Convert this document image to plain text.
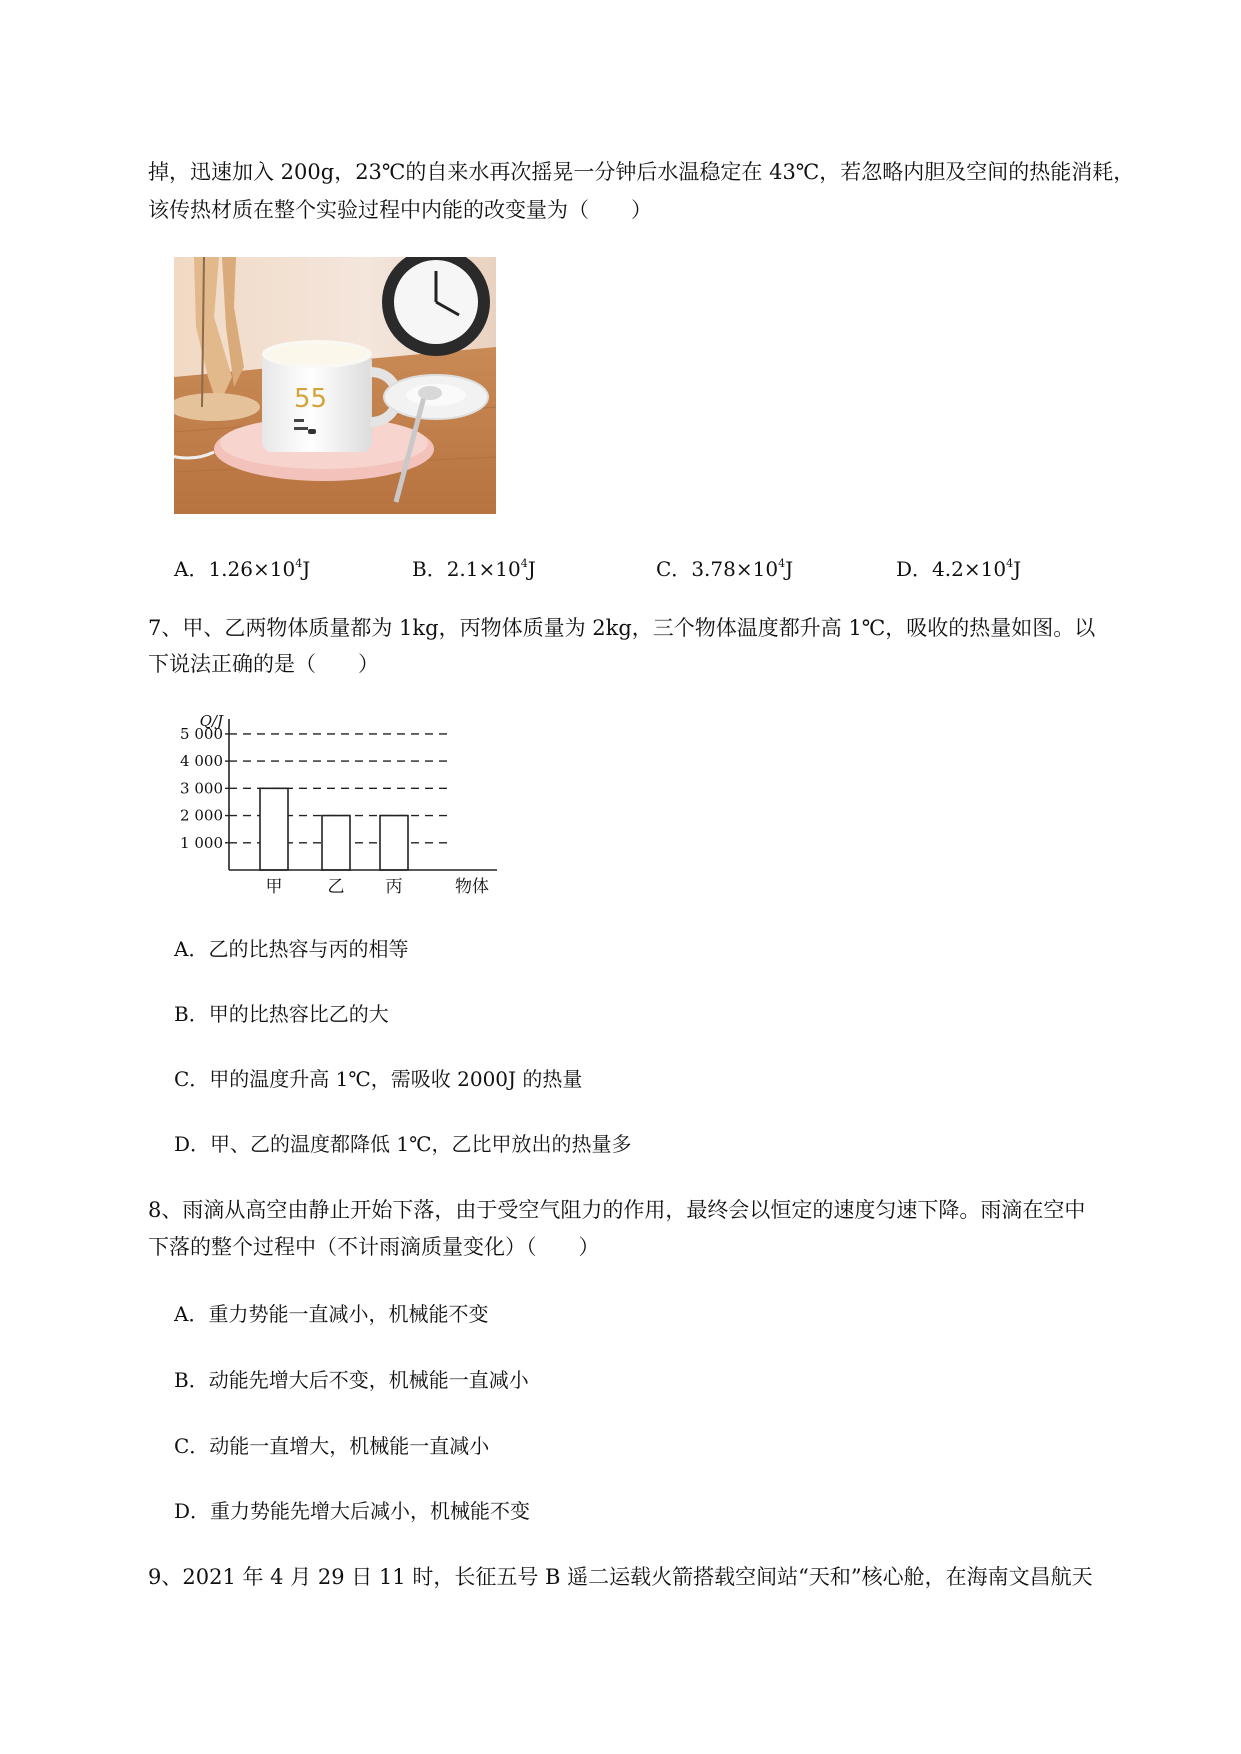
掉，迅速加入 200g，23℃的自来水再次摇晃一分钟后水温稳定在 43℃，若忽略内胆及空间的热能消耗，
该传热材质在整个实验过程中内能的改变量为（　　）
55
A．$1.26\times 10^4J$	B．$2.1\times 10^4J$	C．$3.78\times 10^4J$	D．$4.2\times 10^4J$
7、甲、乙两物体质量都为 1kg，丙物体质量为 2kg，三个物体温度都升高 1℃，吸收的热量如图。以
下说法正确的是（　　）
1 000
2 000
3 000
4 000
5 000
甲	乙 丙
Q/J
物体
A．乙的比热容与丙的相等
B．甲的比热容比乙的大
C．甲的温度升高 1℃，需吸收 2000J 的热量
D．甲、乙的温度都降低 1℃，乙比甲放出的热量多
8、雨滴从高空由静止开始下落，由于受空气阻力的作用，最终会以恒定的速度匀速下降。雨滴在空中
下落的整个过程中（不计雨滴质量变化）（　　）
A．重力势能一直减小，机械能不变
B．动能先增大后不变，机械能一直减小
C．动能一直增大，机械能一直减小
D．重力势能先增大后减小，机械能不变
9、2021 年 4 月 29 日 11 时，长征五号 B 遥二运载火箭搭载空间站“天和”核心舱，在海南文昌航天
